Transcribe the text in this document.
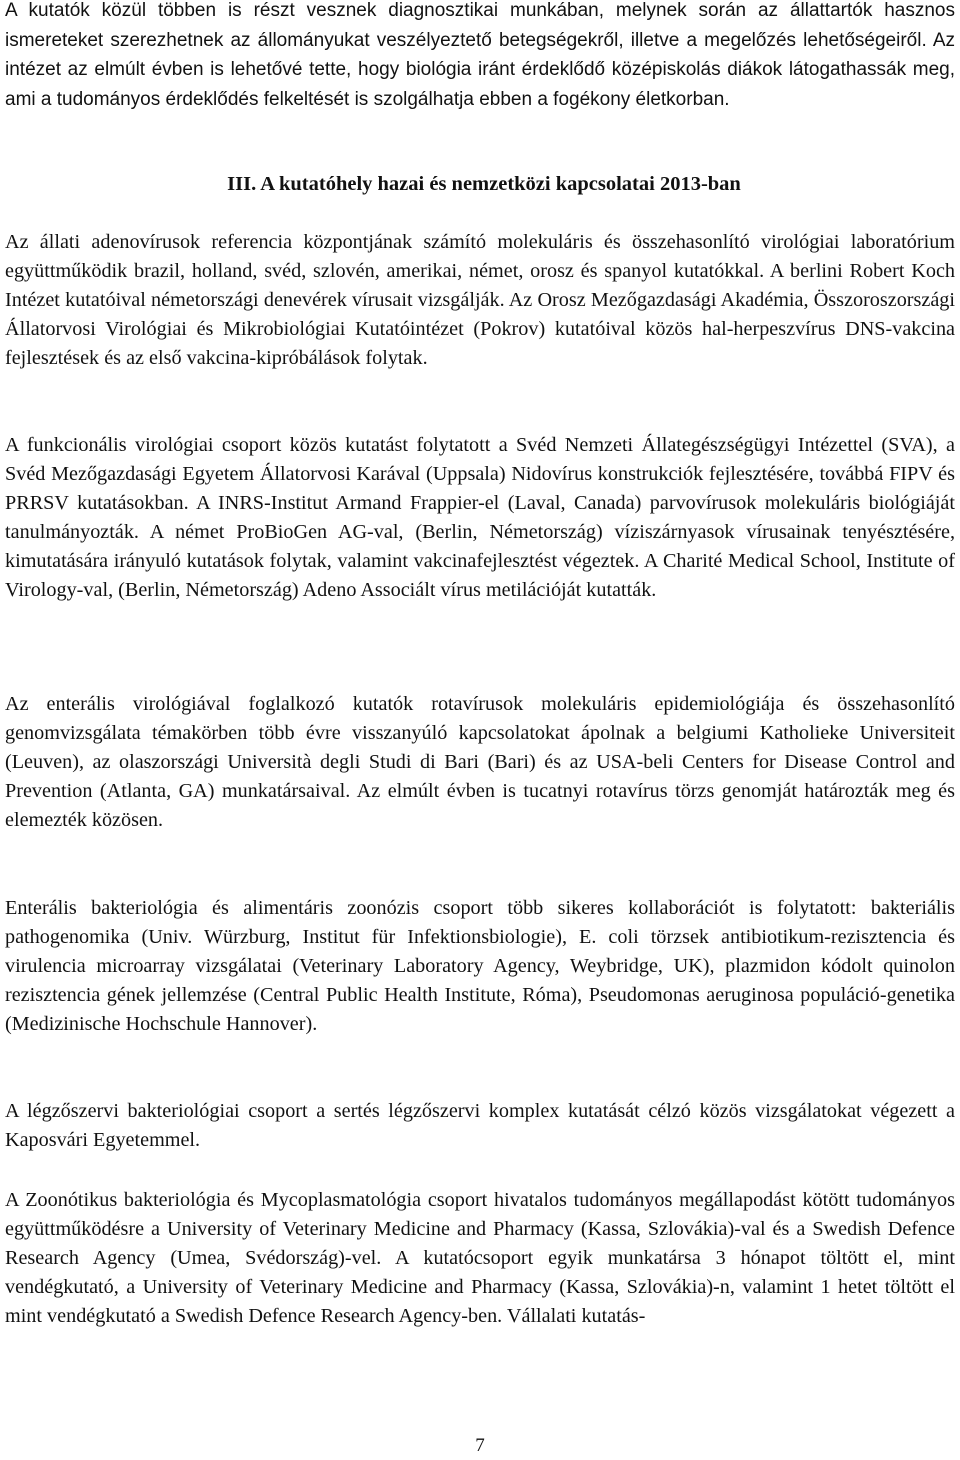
A kutatók közül többen is részt vesznek diagnosztikai munkában, melynek során az állattartók hasznos ismereteket szerezhetnek az állományukat veszélyeztető betegségekről, illetve a megelőzés lehetőségeiről. Az intézet az elmúlt évben is lehetővé tette, hogy biológia iránt érdeklődő középiskolás diákok látogathassák meg, ami a tudományos érdeklődés felkeltését is szolgálhatja ebben a fogékony életkorban.

III. A kutatóhely hazai és nemzetközi kapcsolatai 2013-ban

Az állati adenovírusok referencia központjának számító molekuláris és összehasonlító virológiai laboratórium együttműködik brazil, holland, svéd, szlovén, amerikai, német, orosz és spanyol kutatókkal. A berlini Robert Koch Intézet kutatóival németországi denevérek vírusait vizsgálják. Az Orosz Mezőgazdasági Akadémia, Összoroszországi Állatorvosi Virológiai és Mikrobiológiai Kutatóintézet (Pokrov) kutatóival közös hal-herpeszvírus DNS-vakcina fejlesztések és az első vakcina-kipróbálások folytak.

A funkcionális virológiai csoport közös kutatást folytatott a Svéd Nemzeti Állategészségügyi Intézettel (SVA), a Svéd Mezőgazdasági Egyetem Állatorvosi Karával (Uppsala) Nidovírus konstrukciók fejlesztésére, továbbá FIPV és PRRSV kutatásokban. A INRS-Institut Armand Frappier-el (Laval, Canada) parvovírusok molekuláris biológiáját tanulmányozták. A német ProBioGen AG-val, (Berlin, Németország) víziszárnyasok vírusainak tenyésztésére, kimutatására irányuló kutatások folytak, valamint vakcinafejlesztést végeztek. A Charité Medical School, Institute of Virology-val, (Berlin, Németország) Adeno Associált vírus metilációját kutatták.

Az enterális virológiával foglalkozó kutatók rotavírusok molekuláris epidemiológiája és összehasonlító genomvizsgálata témakörben több évre visszanyúló kapcsolatokat ápolnak a belgiumi Katholieke Universiteit (Leuven), az olaszországi Università degli Studi di Bari (Bari) és az USA-beli Centers for Disease Control and Prevention (Atlanta, GA) munkatársaival. Az elmúlt évben is tucatnyi rotavírus törzs genomját határozták meg és elemezték közösen.

Enterális bakteriológia és alimentáris zoonózis csoport több sikeres kollaborációt is folytatott: bakteriális pathogenomika (Univ. Würzburg, Institut für Infektionsbiologie), E. coli törzsek antibiotikum-rezisztencia és virulencia microarray vizsgálatai (Veterinary Laboratory Agency, Weybridge, UK), plazmidon kódolt quinolon rezisztencia gének jellemzése (Central Public Health Institute, Róma), Pseudomonas aeruginosa populáció-genetika (Medizinische Hochschule Hannover).

A légzőszervi bakteriológiai csoport a sertés légzőszervi komplex kutatását célzó közös vizsgálatokat végezett a Kaposvári Egyetemmel.

A Zoonótikus bakteriológia és Mycoplasmatológia csoport hivatalos tudományos megállapodást kötött tudományos együttműködésre a University of Veterinary Medicine and Pharmacy (Kassa, Szlovákia)-val és a Swedish Defence Research Agency (Umea, Svédország)-vel. A kutatócsoport egyik munkatársa 3 hónapot töltött el, mint vendégkutató, a University of Veterinary Medicine and Pharmacy (Kassa, Szlovákia)-n, valamint 1 hetet töltött el mint vendégkutató a Swedish Defence Research Agency-ben. Vállalati kutatás-

7
